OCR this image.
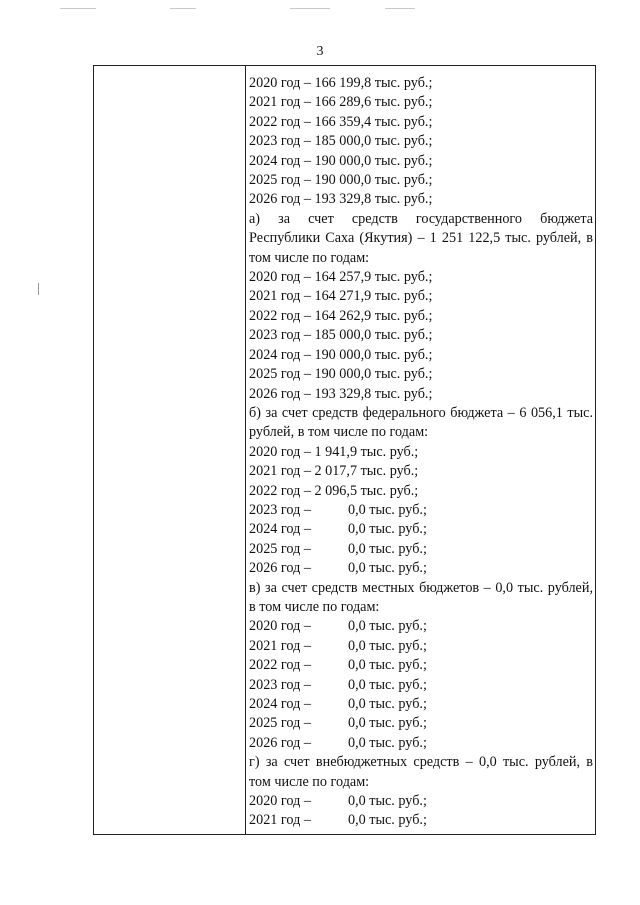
3
2020 год – 166 199,8 тыс. руб.;
2021 год – 166 289,6 тыс. руб.;
2022 год – 166 359,4 тыс. руб.;
2023 год – 185 000,0 тыс. руб.;
2024 год – 190 000,0 тыс. руб.;
2025 год – 190 000,0 тыс. руб.;
2026 год – 193 329,8 тыс. руб.;
а) за счет средств государственного бюджета Республики Саха (Якутия) – 1 251 122,5 тыс. рублей, в том числе по годам:
2020 год – 164 257,9 тыс. руб.;
2021 год – 164 271,9 тыс. руб.;
2022 год – 164 262,9 тыс. руб.;
2023 год – 185 000,0 тыс. руб.;
2024 год – 190 000,0 тыс. руб.;
2025 год – 190 000,0 тыс. руб.;
2026 год – 193 329,8 тыс. руб.;
б) за счет средств федерального бюджета – 6 056,1 тыс. рублей, в том числе по годам:
2020 год – 1 941,9 тыс. руб.;
2021 год – 2 017,7 тыс. руб.;
2022 год – 2 096,5 тыс. руб.;
2023 год –	0,0 тыс. руб.;
2024 год –	0,0 тыс. руб.;
2025 год –	0,0 тыс. руб.;
2026 год –	0,0 тыс. руб.;
в) за счет средств местных бюджетов – 0,0 тыс. рублей, в том числе по годам:
2020 год –	0,0 тыс. руб.;
2021 год –	0,0 тыс. руб.;
2022 год –	0,0 тыс. руб.;
2023 год –	0,0 тыс. руб.;
2024 год –	0,0 тыс. руб.;
2025 год –	0,0 тыс. руб.;
2026 год –	0,0 тыс. руб.;
г) за счет внебюджетных средств – 0,0 тыс. рублей, в том числе по годам:
2020 год –	0,0 тыс. руб.;
2021 год –	0,0 тыс. руб.;
